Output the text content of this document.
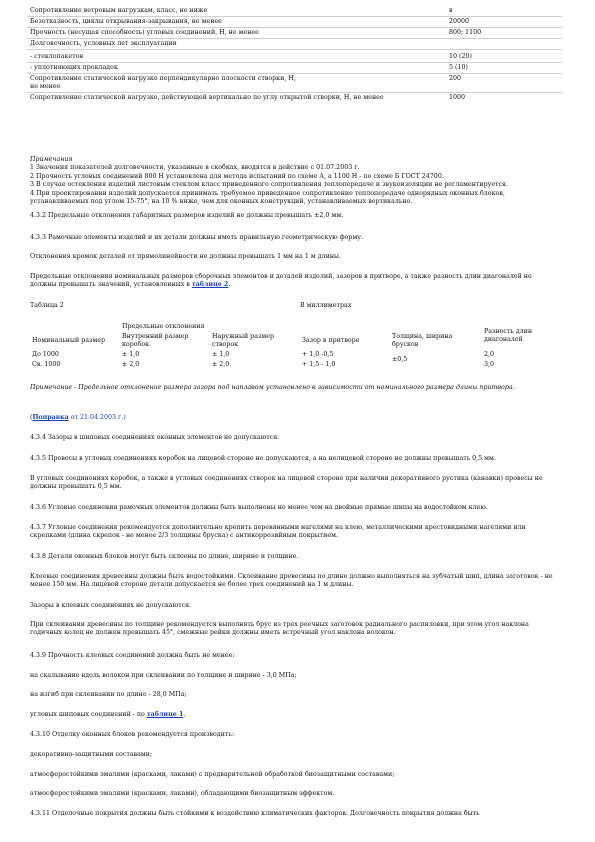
Сопротивление ветровым нагрузкам, класс, не ниже	в
Безотказность, циклы открывания-закрывания, не менее	20000
Прочность (несущая способность) угловых соединений, Н, не менее	800; 1100
Долговечность, условных лет эксплуатации	
- стеклопакетов	10 (20)
- уплотняющих прокладок	5 (10)
Сопротивление статической нагрузке перпендикулярно плоскости створки, Н,
не менее	200
Сопротивление статической нагрузке, действующей вертикально по углу открытой створки, Н, не менее	1000
Примечания
1 Значения показателей долговечности, указанные в скобках, вводятся в действие с 01.07.2003 г.
2 Прочность угловых соединений 800 Н установлена для метода испытаний по схеме А, а 1100 Н - по схеме Б ГОСТ 24700.
3 В случае остекления изделий листовым стеклом класс приведенного сопротивления теплопередаче и звукоизоляции не регламентируется.
4 При проектировании изделий допускается принимать требуемое приведенное сопротивление теплопередаче однорядных оконных блоков, устанавливаемых под углом 15-75°, на 10 % ниже, чем для оконных конструкций, устанавливаемых вертикально.

4.3.2 Предельные отклонения габаритных размеров изделий не должны превышать ±2,0 мм.

4.3.3 Рамочные элементы изделий и их детали должны иметь правильную геометрическую форму.

Отклонения кромок деталей от прямолинейности не должны превышать 1 мм на 1 м длины.

Предельные отклонения номинальных размеров сборочных элементов и деталей изделий, зазоров в притворе, а также разность длин диагоналей не должны превышать значений, установленных в таблице 2.

Таблица 2	В миллиметрах
	Предельные отклонения				Разность длин диагоналей
Номинальный размер	Внутренний размер коробок	Наружный размер створок	Зазор в притворе	Толщина, ширина брусков	
До 1000	± 1,0	± 1,0	+ 1,0 -0,5	±0,5	2,0
Св. 1000	± 2,0	± 2,0	+ 1,5 - 1,0		3,0
Примечание - Предельное отклонение размера зазора под наплавом установлено в зависимости от номинального размера длины притвора.

(Поправка от 21.04.2003 г.)

4.3.4 Зазоры в шиповых соединениях оконных элементов не допускаются.

4.3.5 Провесы в угловых соединениях коробок на лицевой стороне не допускаются, а на нелицевой стороне не должны превышать 0,5 мм.

В угловых соединениях коробок, а также в угловых соединениях створок на лицевой стороне при наличии декоративного рустика (канавки) провесы не должны превышать 0,5 мм.

4.3.6 Угловые соединения рамочных элементов должны быть выполнены не менее чем на двойные прямые шипы на водостойком клею.

4.3.7 Угловые соединения рекомендуется дополнительно крепить деревянными нагелями на клею, металлическими крестовидными нагелями или скрепками (длина скрепок - не менее 2/3 толщины бруска) с антикоррозийным покрытием.

4.3.8 Детали оконных блоков могут быть склеены по длине, ширине и толщине.

Клеевые соединения древесины должны быть водостойкими. Склеивание древесины по длине должно выполняться на зубчатый шип, длина заготовок - не менее 150 мм. На лицевой стороне детали допускается не более трех соединений на 1 м длины.

Зазоры в клеевых соединениях не допускаются.

При склеивании древесины по толщине рекомендуется выполнять брус из трех реечных заготовок радиального распиловки, при этом угол наклона годичных колец не должен превышать 45°, смежные рейки должны иметь встречный угол наклона волокон.

4.3.9 Прочность клеевых соединений должна быть не менее:

на скалывание вдоль волокон при склеивании по толщине и ширине - 3,0 МПа;

на изгиб при склеивании по длине - 28,0 МПа;

угловых шиповых соединений - по таблице 1.

4.3.10 Отделку оконных блоков рекомендуется производить:

декоративно-защитными составами;

атмосферостойкими эмалями (красками, лаками) с предварительной обработкой биозащитными составами;

атмосферостойкими эмалями (красками, лаками), обладающими биозащитным эффектом.

4.3.11 Отделочные покрытия должны быть стойкими к воздействию климатических факторов. Долговечность покрытия должна быть
